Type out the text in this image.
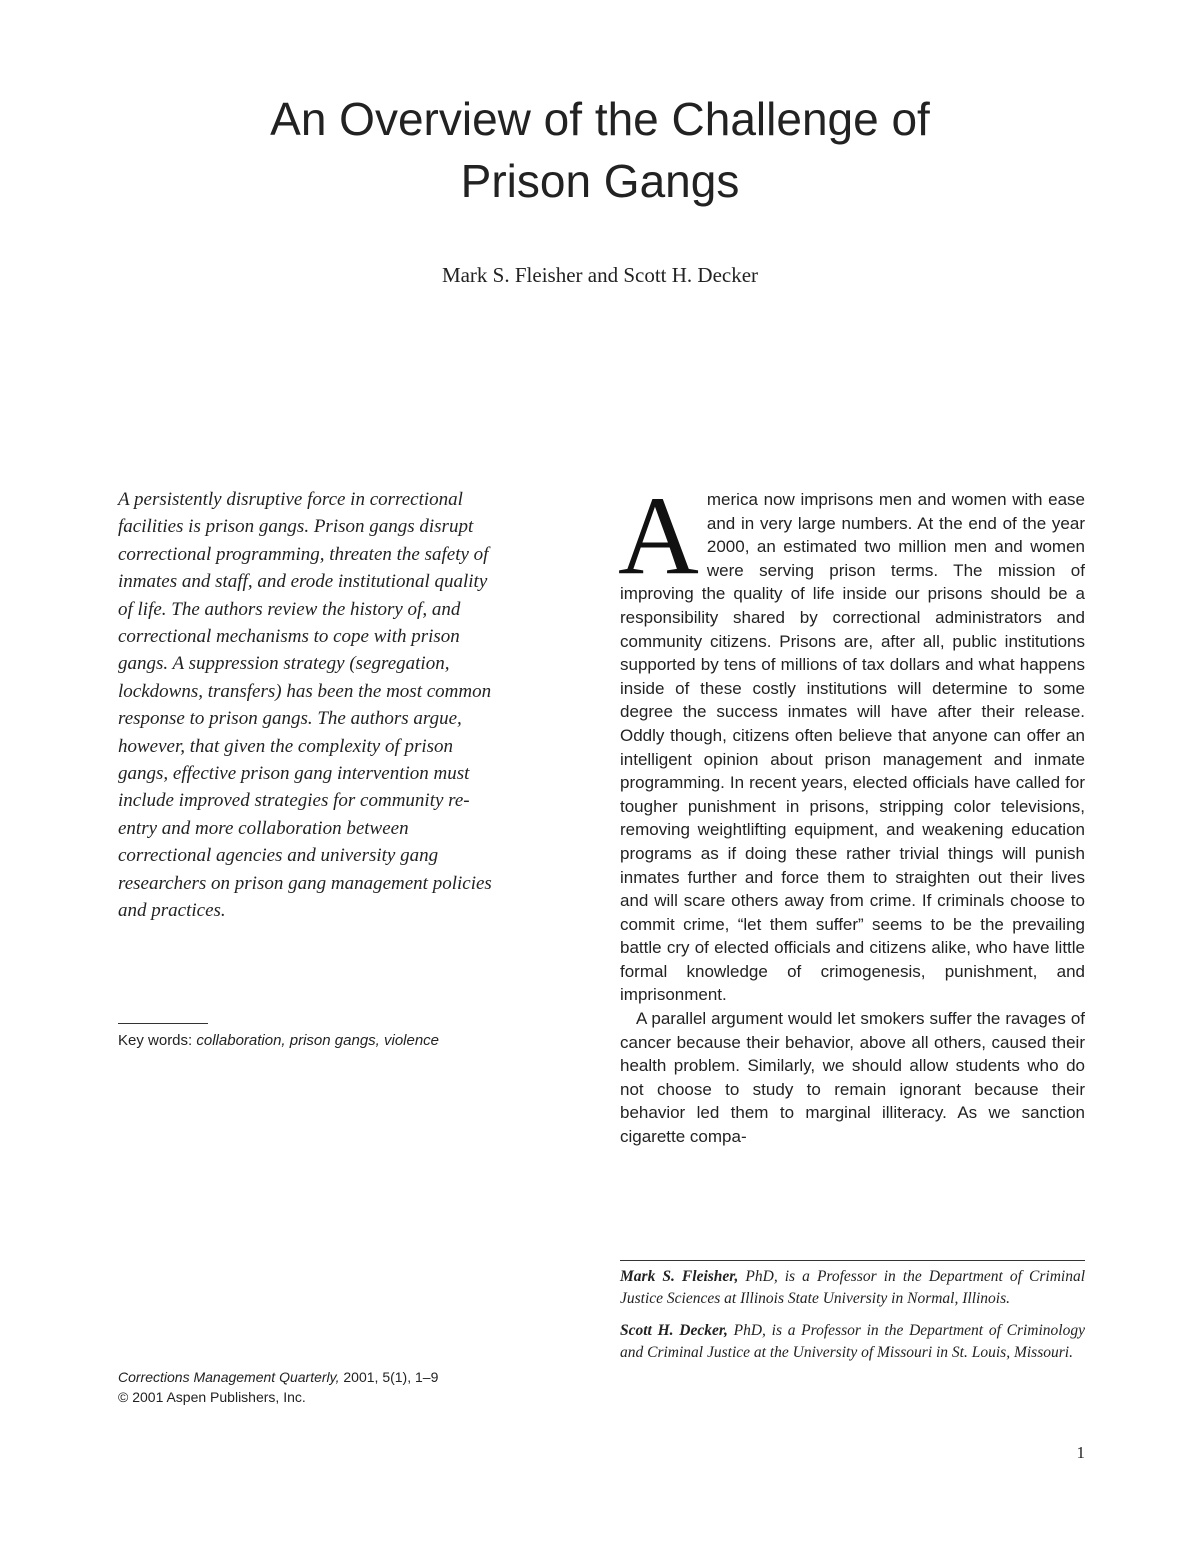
An Overview of the Challenge of
Prison Gangs
Mark S. Fleisher and Scott H. Decker

A persistently disruptive force in correctional facilities is prison gangs. Prison gangs disrupt correctional programming, threaten the safety of inmates and staff, and erode institutional quality of life. The authors review the history of, and correctional mechanisms to cope with prison gangs. A suppression strategy (segregation, lockdowns, transfers) has been the most common response to prison gangs. The authors argue, however, that given the complexity of prison gangs, effective prison gang intervention must include improved strategies for community re-entry and more collaboration between correctional agencies and university gang researchers on prison gang management policies and practices.

Key words: collaboration, prison gangs, violence

Corrections Management Quarterly, 2001, 5(1), 1–9
© 2001 Aspen Publishers, Inc.

America now imprisons men and women with ease and in very large numbers. At the end of the year 2000, an estimated two million men and women were serving prison terms. The mission of improving the quality of life inside our prisons should be a responsibility shared by correctional administrators and community citizens. Prisons are, after all, public institutions supported by tens of millions of tax dollars and what happens inside of these costly institutions will determine to some degree the success inmates will have after their release. Oddly though, citizens often believe that anyone can offer an intelligent opinion about prison management and inmate programming. In recent years, elected officials have called for tougher punishment in prisons, stripping color televisions, removing weightlifting equipment, and weakening education programs as if doing these rather trivial things will punish inmates further and force them to straighten out their lives and will scare others away from crime. If criminals choose to commit crime, “let them suffer” seems to be the prevailing battle cry of elected officials and citizens alike, who have little formal knowledge of crimogenesis, punishment, and imprisonment.

A parallel argument would let smokers suffer the ravages of cancer because their behavior, above all others, caused their health problem. Similarly, we should allow students who do not choose to study to remain ignorant because their behavior led them to marginal illiteracy. As we sanction cigarette compa-

Mark S. Fleisher, PhD, is a Professor in the Department of Criminal Justice Sciences at Illinois State University in Normal, Illinois.

Scott H. Decker, PhD, is a Professor in the Department of Criminology and Criminal Justice at the University of Missouri in St. Louis, Missouri.

1
